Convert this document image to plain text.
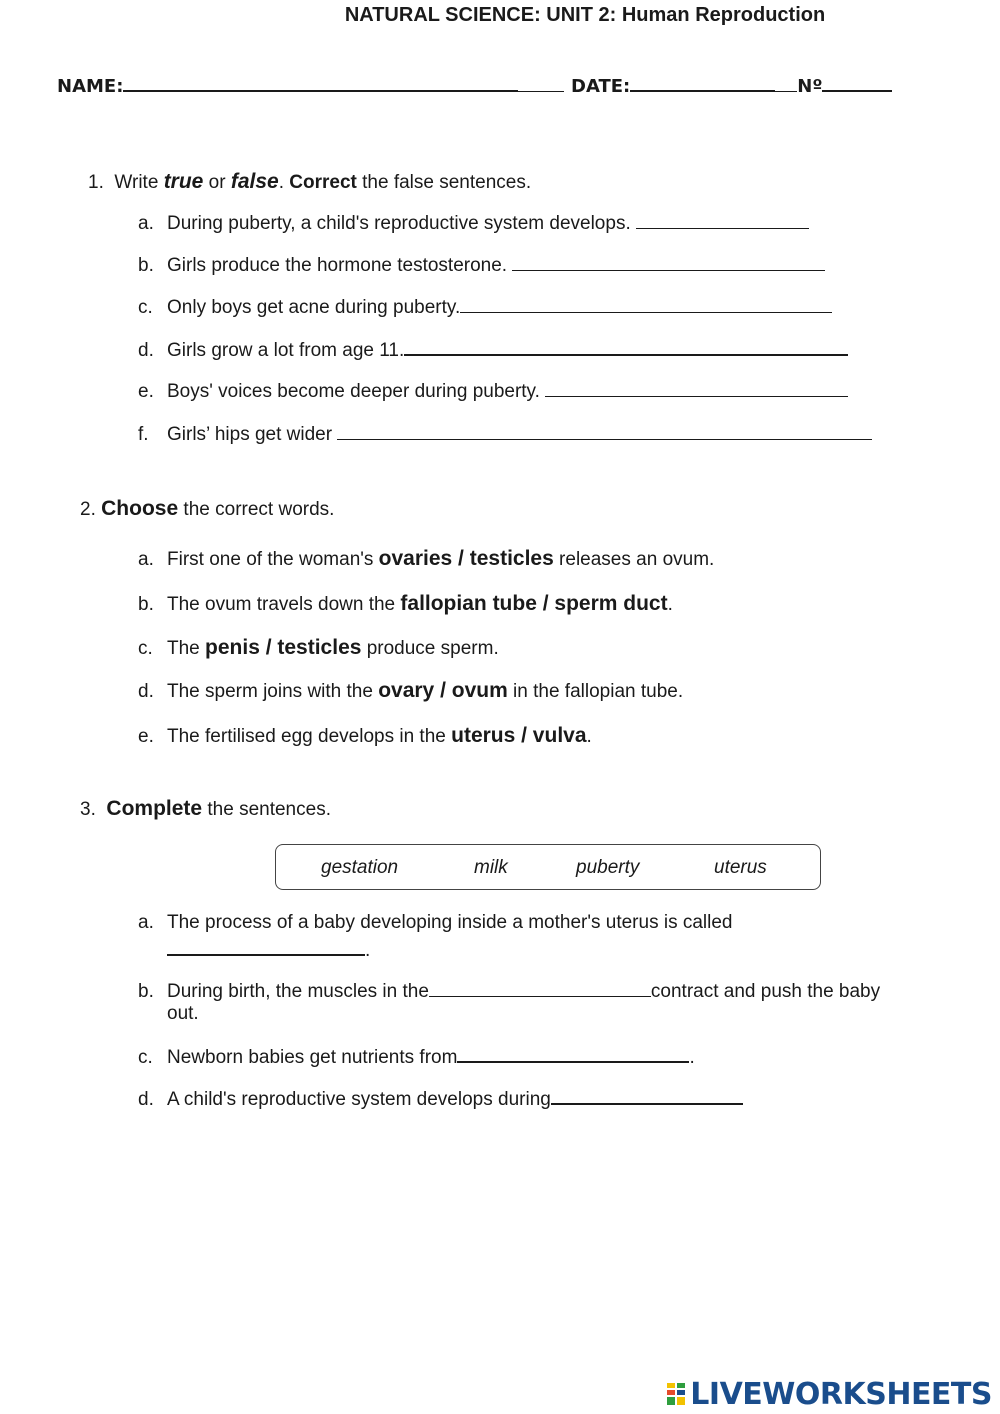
NATURAL SCIENCE: UNIT 2: Human Reproduction
NAME:	DATE:	Nº
1. Write true or false. Correct the false sentences.
a. During puberty, a child's reproductive system develops.
b. Girls produce the hormone testosterone.
c. Only boys get acne during puberty.
d. Girls grow a lot from age 11.
e. Boys' voices become deeper during puberty.
f. Girls’ hips get wider
2. Choose the correct words.
a. First one of the woman's ovaries / testicles releases an ovum.
b. The ovum travels down the fallopian tube / sperm duct.
c. The penis / testicles produce sperm.
d. The sperm joins with the ovary / ovum in the fallopian tube.
e. The fertilised egg develops in the uterus / vulva.
3. Complete the sentences.
gestation	milk	puberty	uterus
a. The process of a baby developing inside a mother's uterus is called
.
b. During birth, the muscles in the	contract and push the baby
out.
c. Newborn babies get nutrients from	.
d. A child's reproductive system develops during
LIVEWORKSHEETS
